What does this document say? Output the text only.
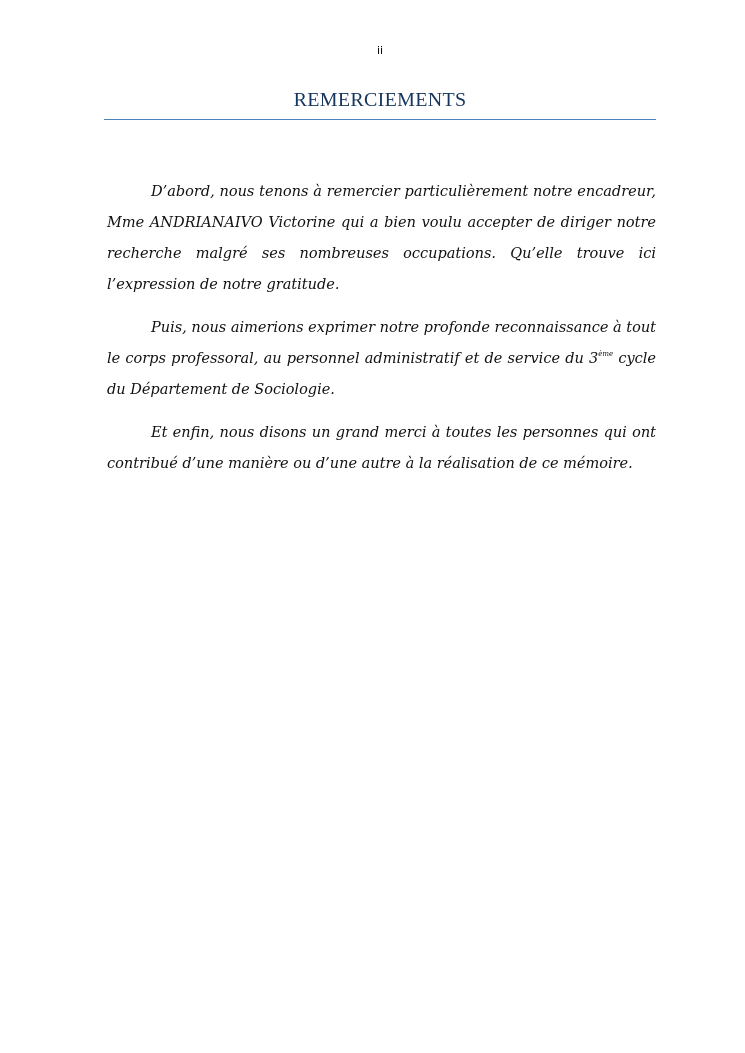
ii
REMERCIEMENTS

D’abord, nous tenons à remercier particulièrement notre encadreur, Mme ANDRIANAIVO Victorine qui a bien voulu accepter de diriger notre recherche malgré ses nombreuses occupations. Qu’elle trouve ici l’expression de notre gratitude.

Puis, nous aimerions exprimer notre profonde reconnaissance à tout le corps professoral, au personnel administratif et de service du 3ème cycle du Département de Sociologie.

Et enfin, nous disons un grand merci à toutes les personnes qui ont contribué d’une manière ou d’une autre à la réalisation de ce mémoire.
